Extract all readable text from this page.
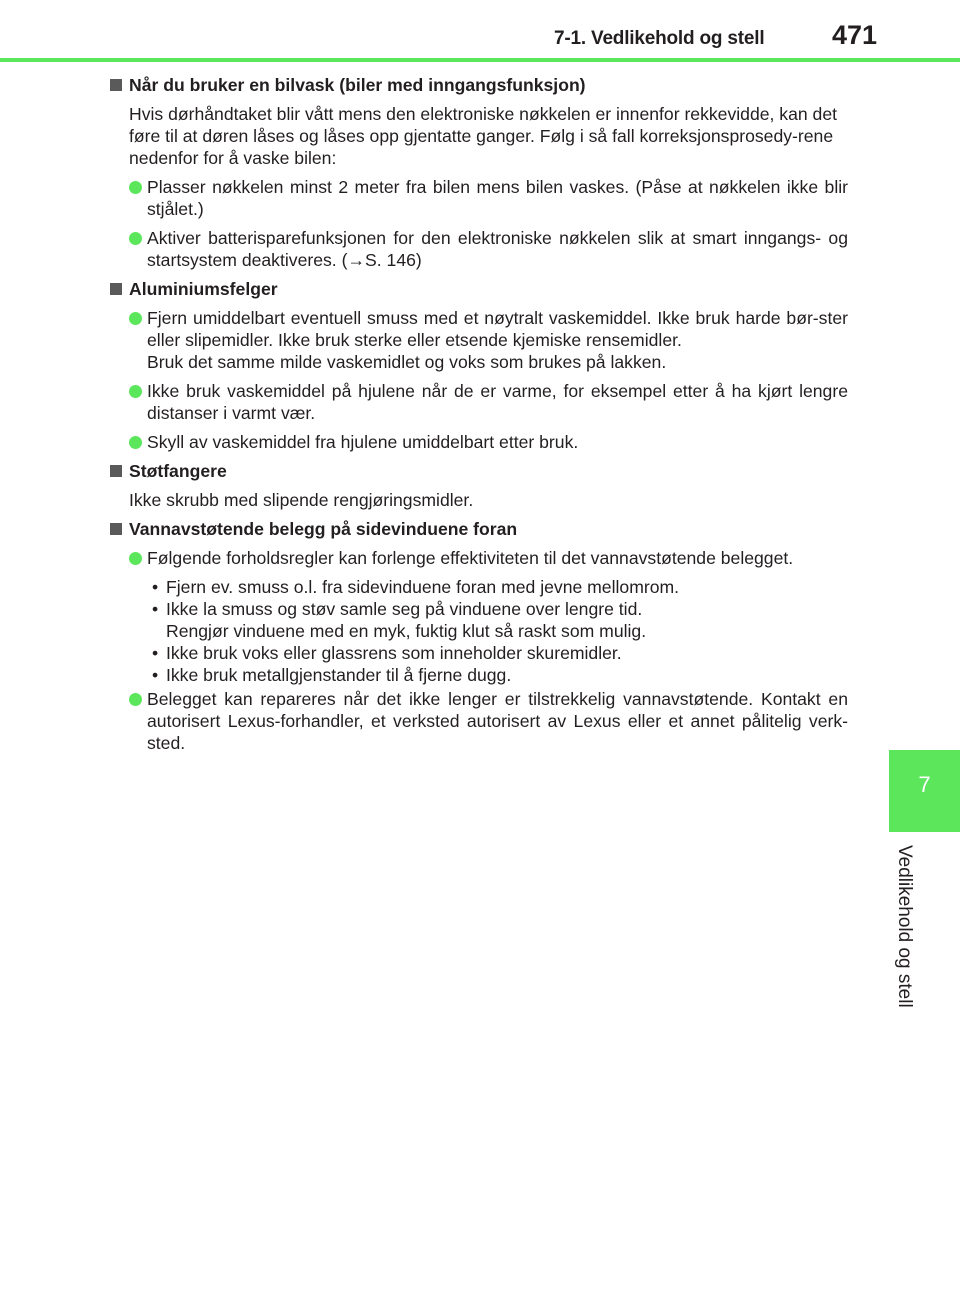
7-1. Vedlikehold og stell	471
7
Vedlikehold og stell
Når du bruker en bilvask (biler med inngangsfunksjon)
Hvis dørhåndtaket blir vått mens den elektroniske nøkkelen er innenfor rekkevidde, kan det føre til at døren låses og låses opp gjentatte ganger. Følg i så fall korreksjonsprosedy-rene nedenfor for å vaske bilen:
Plasser nøkkelen minst 2 meter fra bilen mens bilen vaskes. (Påse at nøkkelen ikke blir stjålet.)
Aktiver batterisparefunksjonen for den elektroniske nøkkelen slik at smart inngangs- og startsystem deaktiveres. (→S. 146)
Aluminiumsfelger
Fjern umiddelbart eventuell smuss med et nøytralt vaskemiddel. Ikke bruk harde bør-ster eller slipemidler. Ikke bruk sterke eller etsende kjemiske rensemidler.
Bruk det samme milde vaskemidlet og voks som brukes på lakken.
Ikke bruk vaskemiddel på hjulene når de er varme, for eksempel etter å ha kjørt lengre distanser i varmt vær.
Skyll av vaskemiddel fra hjulene umiddelbart etter bruk.
Støtfangere
Ikke skrubb med slipende rengjøringsmidler.
Vannavstøtende belegg på sidevinduene foran
Følgende forholdsregler kan forlenge effektiviteten til det vannavstøtende belegget.
• Fjern ev. smuss o.l. fra sidevinduene foran med jevne mellomrom.
• Ikke la smuss og støv samle seg på vinduene over lengre tid.
Rengjør vinduene med en myk, fuktig klut så raskt som mulig.
• Ikke bruk voks eller glassrens som inneholder skuremidler.
• Ikke bruk metallgjenstander til å fjerne dugg.
Belegget kan repareres når det ikke lenger er tilstrekkelig vannavstøtende. Kontakt en autorisert Lexus-forhandler, et verksted autorisert av Lexus eller et annet pålitelig verk-sted.
